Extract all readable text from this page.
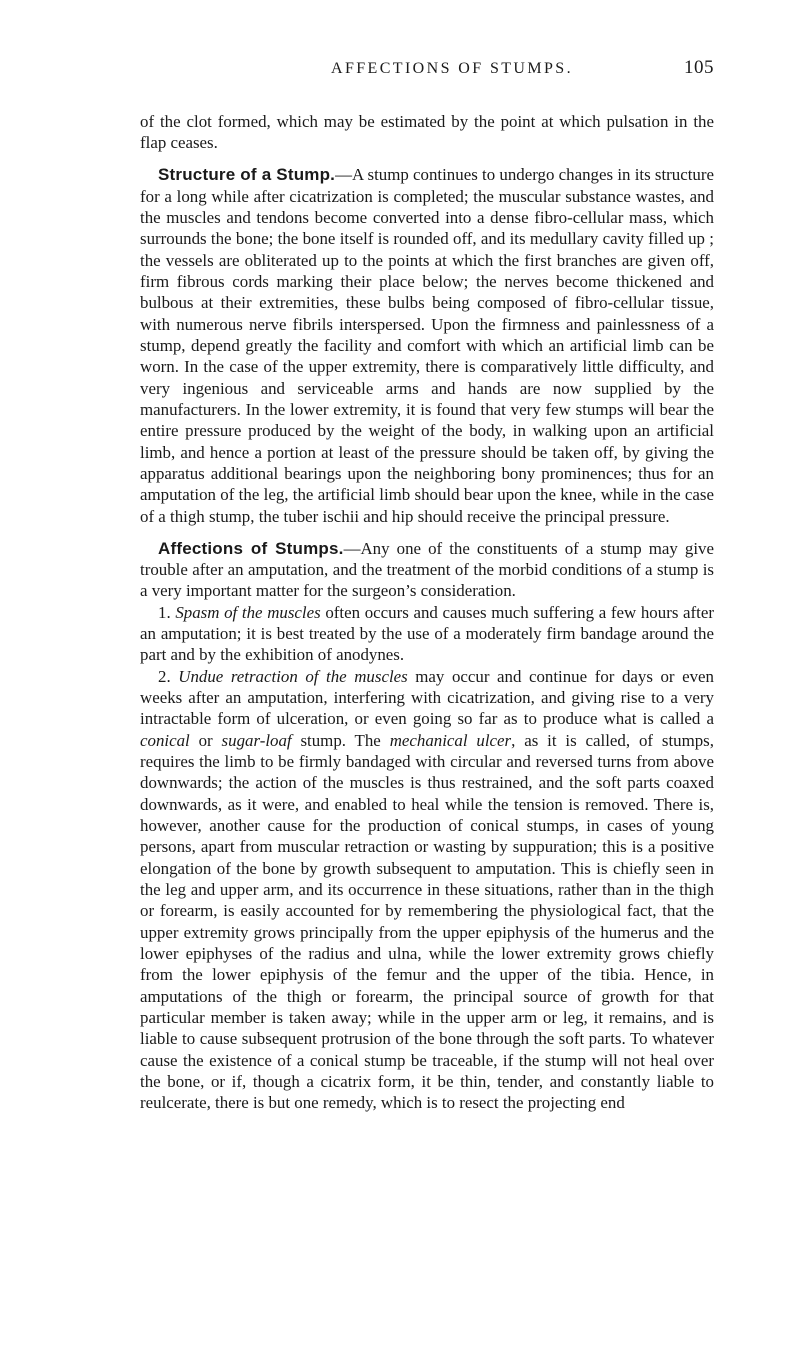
AFFECTIONS OF STUMPS.	105

of the clot formed, which may be estimated by the point at which pulsation in the flap ceases.

Structure of a Stump.—A stump continues to undergo changes in its structure for a long while after cicatrization is completed; the muscular substance wastes, and the muscles and tendons become converted into a dense fibro-cellular mass, which surrounds the bone; the bone itself is rounded off, and its medullary cavity filled up ; the vessels are obliterated up to the points at which the first branches are given off, firm fibrous cords marking their place below; the nerves become thickened and bulbous at their extremities, these bulbs being composed of fibro-cellular tissue, with numerous nerve fibrils interspersed. Upon the firmness and painlessness of a stump, depend greatly the facility and comfort with which an artificial limb can be worn. In the case of the upper extremity, there is comparatively little difficulty, and very ingenious and serviceable arms and hands are now supplied by the manufacturers. In the lower extremity, it is found that very few stumps will bear the entire pressure produced by the weight of the body, in walking upon an artificial limb, and hence a portion at least of the pressure should be taken off, by giving the apparatus additional bearings upon the neighboring bony prominences; thus for an amputation of the leg, the artificial limb should bear upon the knee, while in the case of a thigh stump, the tuber ischii and hip should receive the principal pressure.

Affections of Stumps.—Any one of the constituents of a stump may give trouble after an amputation, and the treatment of the morbid conditions of a stump is a very important matter for the surgeon’s consideration.

1. Spasm of the muscles often occurs and causes much suffering a few hours after an amputation; it is best treated by the use of a moderately firm bandage around the part and by the exhibition of anodynes.

2. Undue retraction of the muscles may occur and continue for days or even weeks after an amputation, interfering with cicatrization, and giving rise to a very intractable form of ulceration, or even going so far as to produce what is called a conical or sugar-loaf stump. The mechanical ulcer, as it is called, of stumps, requires the limb to be firmly bandaged with circular and reversed turns from above downwards; the action of the muscles is thus restrained, and the soft parts coaxed downwards, as it were, and enabled to heal while the tension is removed. There is, however, another cause for the production of conical stumps, in cases of young persons, apart from muscular retraction or wasting by suppuration; this is a positive elongation of the bone by growth subsequent to amputation. This is chiefly seen in the leg and upper arm, and its occurrence in these situations, rather than in the thigh or forearm, is easily accounted for by remembering the physiological fact, that the upper extremity grows principally from the upper epiphysis of the humerus and the lower epiphyses of the radius and ulna, while the lower extremity grows chiefly from the lower epiphysis of the femur and the upper of the tibia. Hence, in amputations of the thigh or forearm, the principal source of growth for that particular member is taken away; while in the upper arm or leg, it remains, and is liable to cause subsequent protrusion of the bone through the soft parts. To whatever cause the existence of a conical stump be traceable, if the stump will not heal over the bone, or if, though a cicatrix form, it be thin, tender, and constantly liable to reulcerate, there is but one remedy, which is to resect the projecting end
